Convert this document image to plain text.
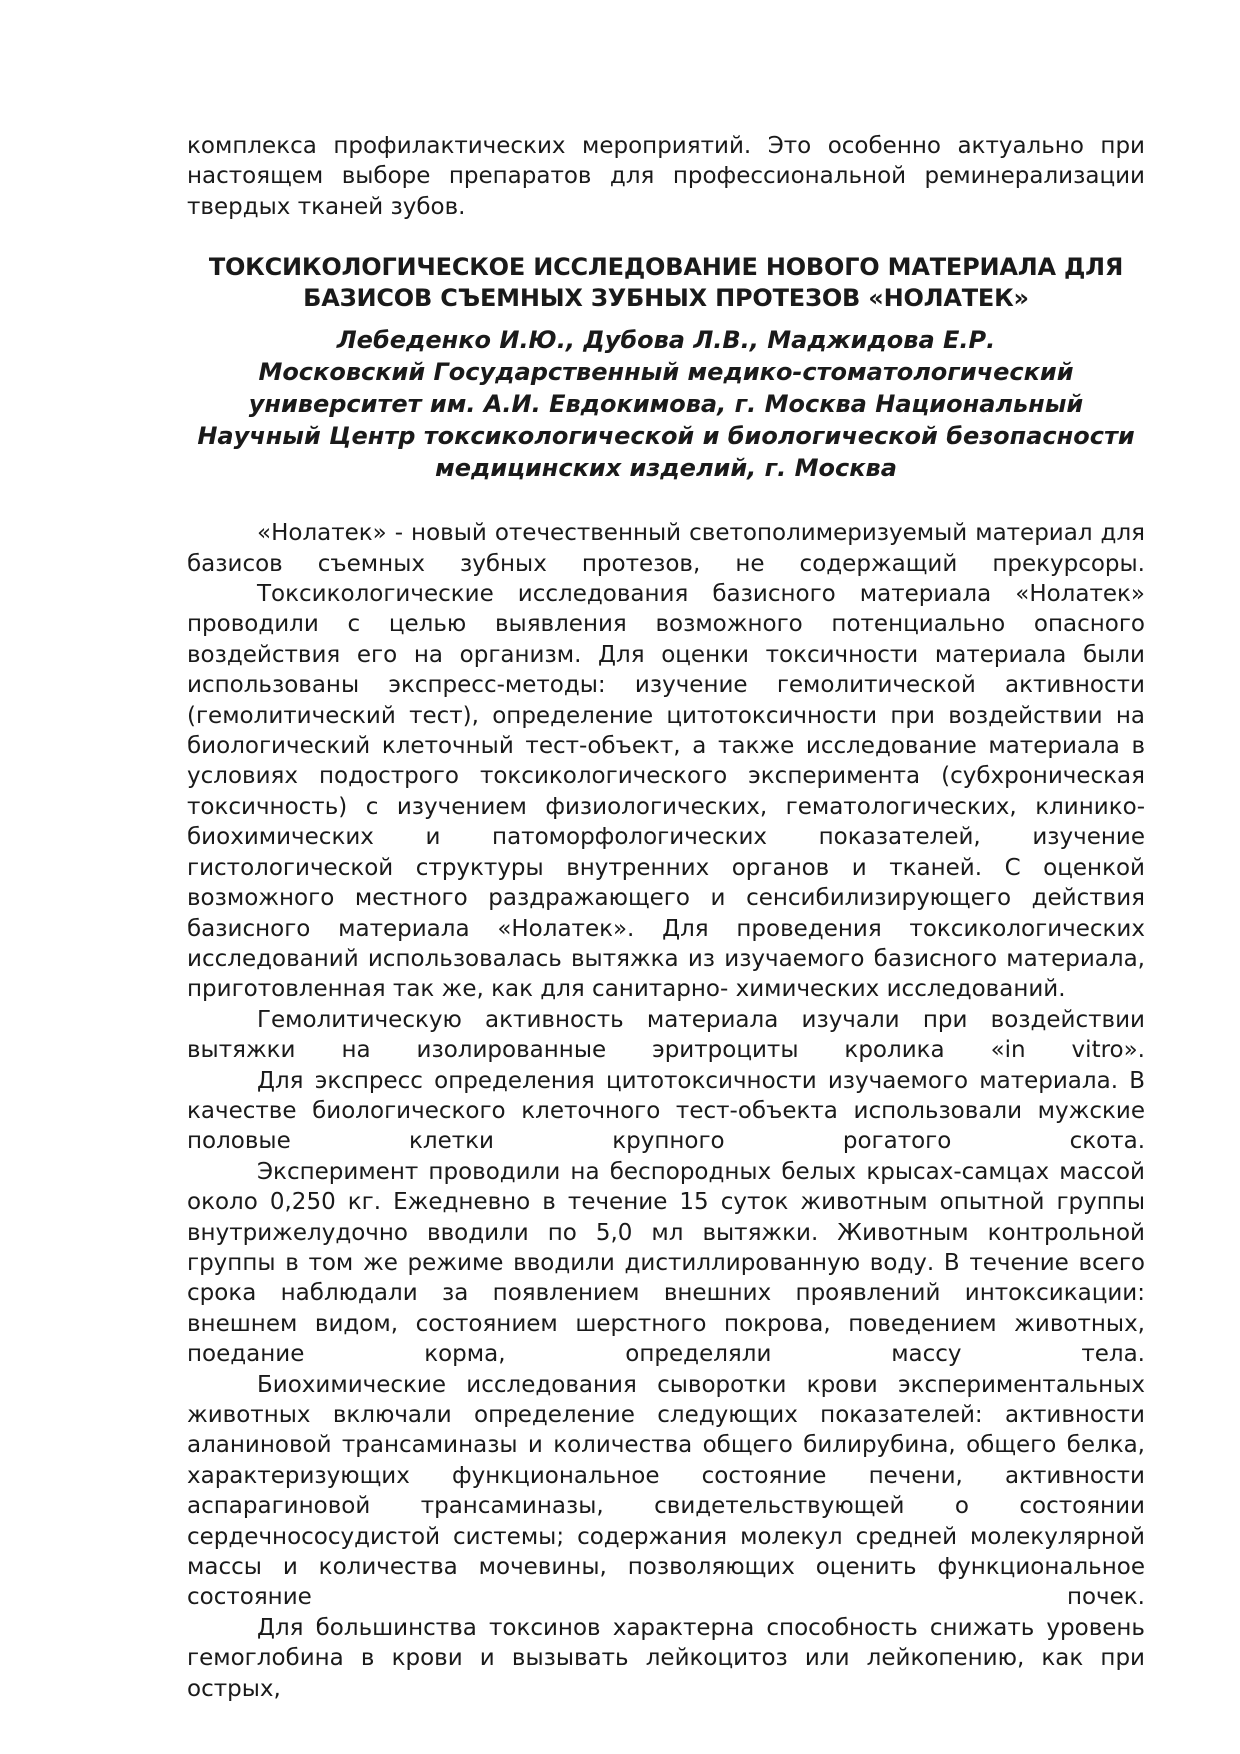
комплекса профилактических мероприятий. Это особенно актуально при настоящем выборе препаратов для профессиональной реминерализации твердых тканей зубов.

ТОКСИКОЛОГИЧЕСКОЕ ИССЛЕДОВАНИЕ НОВОГО МАТЕРИАЛА ДЛЯ БАЗИСОВ СЪЕМНЫХ ЗУБНЫХ ПРОТЕЗОВ «НОЛАТЕК»
Лебеденко И.Ю., Дубова Л.В., Маджидова Е.Р.
Московский Государственный медико-стоматологический университет им. А.И. Евдокимова, г. Москва Национальный Научный Центр токсикологической и биологической безопасности медицинских изделий, г. Москва

«Нолатек» - новый отечественный светополимеризуемый материал для базисов съемных зубных протезов, не содержащий прекурсоры.

Токсикологические исследования базисного материала «Нолатек» проводили с целью выявления возможного потенциально опасного воздействия его на организм. Для оценки токсичности материала были использованы экспресс-методы: изучение гемолитической активности (гемолитический тест), определение цитотоксичности при воздействии на биологический клеточный тест-объект, а также исследование материала в условиях подострого токсикологического эксперимента (субхроническая токсичность) с изучением физиологических, гематологических, клинико-биохимических и патоморфологических показателей, изучение гистологической структуры внутренних органов и тканей. С оценкой возможного местного раздражающего и сенсибилизирующего действия базисного материала «Нолатек». Для проведения токсикологических исследований использовалась вытяжка из изучаемого базисного материала, приготовленная так же, как для санитарно- химических исследований.

Гемолитическую активность материала изучали при воздействии вытяжки на изолированные эритроциты кролика «in vitro».

Для экспресс определения цитотоксичности изучаемого материала. В качестве биологического клеточного тест-объекта использовали мужские половые клетки крупного рогатого скота.

Эксперимент проводили на беспородных белых крысах-самцах массой около 0,250 кг. Ежедневно в течение 15 суток животным опытной группы внутрижелудочно вводили по 5,0 мл вытяжки. Животным контрольной группы в том же режиме вводили дистиллированную воду. В течение всего срока наблюдали за появлением внешних проявлений интоксикации: внешнем видом, состоянием шерстного покрова, поведением животных, поедание корма, определяли массу тела.

Биохимические исследования сыворотки крови экспериментальных животных включали определение следующих показателей: активности аланиновой трансаминазы и количества общего билирубина, общего белка, характеризующих функциональное состояние печени, активности аспарагиновой трансаминазы, свидетельствующей о состоянии сердечнососудистой системы; содержания молекул средней молекулярной массы и количества мочевины, позволяющих оценить функциональное состояние почек.

Для большинства токсинов характерна способность снижать уровень гемоглобина в крови и вызывать лейкоцитоз или лейкопению, как при острых,
